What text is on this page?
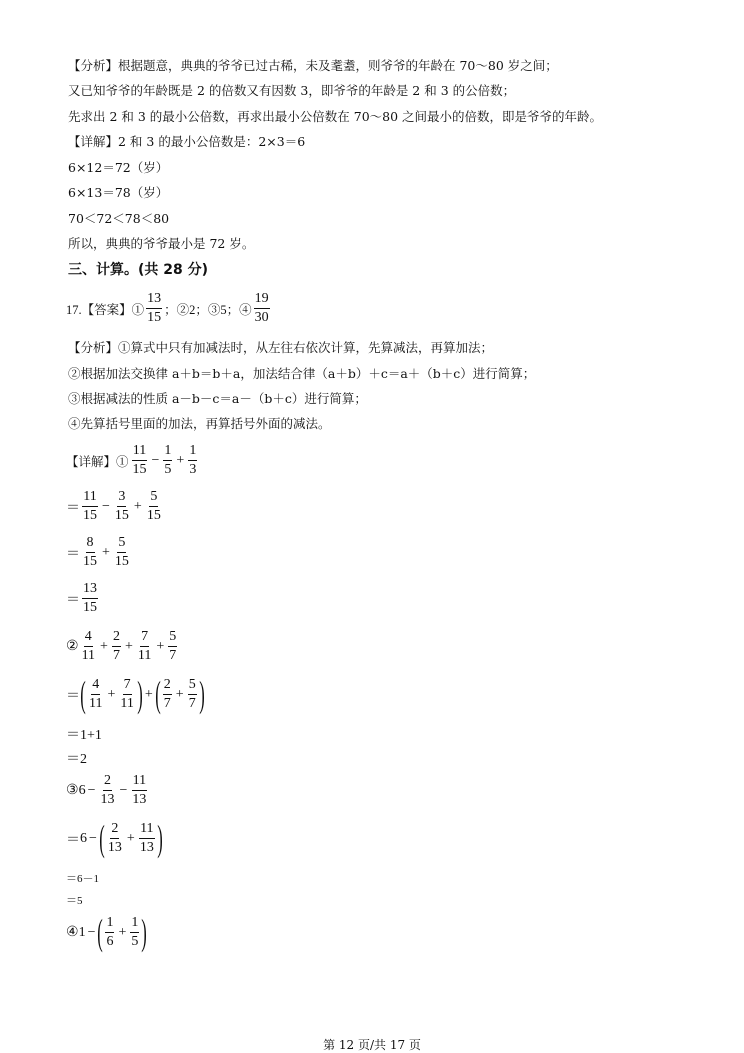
【分析】根据题意，典典的爷爷已过古稀，未及耄耋，则爷爷的年龄在 70～80 岁之间；
又已知爷爷的年龄既是 2 的倍数又有因数 3，即爷爷的年龄是 2 和 3 的公倍数；
先求出 2 和 3 的最小公倍数，再求出最小公倍数在 70～80 之间最小的倍数，即是爷爷的年龄。
【详解】2 和 3 的最小公倍数是：2×3＝6
6×12＝72（岁）
6×13＝78（岁）
70＜72＜78＜80
所以，典典的爷爷最小是 72 岁。
三、计算。(共 28 分)
17.【答案】① $\frac{13}{15}$ ；②2；③5；④ $\frac{19}{30}$
【分析】①算式中只有加减法时，从左往右依次计算，先算减法，再算加法；
②根据加法交换律 a＋b＝b＋a，加法结合律（a＋b）＋c＝a＋（b＋c）进行简算；
③根据减法的性质 a－b－c＝a－（b＋c）进行简算；
④先算括号里面的加法，再算括号外面的减法。
【详解】① $\frac{11}{15} - \frac{1}{5} + \frac{1}{3}$
＝ $\frac{11}{15} - \frac{3}{15} + \frac{5}{15}$
＝ $\frac{8}{15} + \frac{5}{15}$
＝ $\frac{13}{15}$
② $\frac{4}{11} + \frac{2}{7} + \frac{7}{11} + \frac{5}{7}$
＝ ( $\frac{4}{11} + \frac{7}{11}$ ) + ( $\frac{2}{7} + \frac{5}{7}$ )
＝1+1
＝2
③ $6 - \frac{2}{13} - \frac{11}{13}$
＝ 6 − ( $\frac{2}{13} + \frac{11}{13}$ )
＝6－1
＝5
④ 1 − ( $\frac{1}{6} + \frac{1}{5}$ )
第 12 页/共 17 页
